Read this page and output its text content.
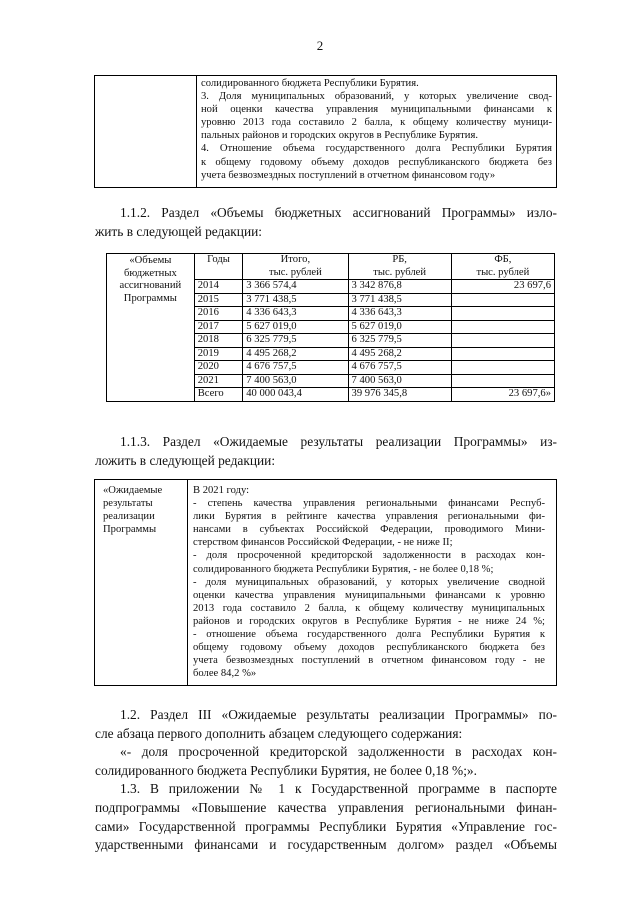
2
солидированного бюджета Республики Бурятия.
3. Доля муниципальных образований, у которых увеличение свод-
ной оценки качества управления муниципальными финансами к
уровню 2013 года составило 2 балла, к общему количеству муници-
пальных районов и городских округов в Республике Бурятия.
4. Отношение объема государственного долга Республики Бурятия
к общему годовому объему доходов республиканского бюджета без
учета безвозмездных поступлений в отчетном финансовом году»
1.1.2. Раздел «Объемы бюджетных ассигнований Программы» изло-
жить в следующей редакции:
«Объемы
бюджетных
ассигнований
Программы	Годы	Итого,	РБ,	ФБ,
		тыс. рублей	тыс. рублей	тыс. рублей
	2014	3 366 574,4	3 342 876,8	23 697,6
	2015	3 771 438,5	3 771 438,5	
	2016	4 336 643,3	4 336 643,3	
	2017	5 627 019,0	5 627 019,0	
	2018	6 325 779,5	6 325 779,5	
	2019	4 495 268,2	4 495 268,2	
	2020	4 676 757,5	4 676 757,5	
	2021	7 400 563,0	7 400 563,0	
	Всего	40 000 043,4	39 976 345,8	23 697,6»
1.1.3. Раздел «Ожидаемые результаты реализации Программы» из-
ложить в следующей редакции:
«Ожидаемые
результаты
реализации
Программы
В 2021 году:
- степень качества управления региональными финансами Респуб-
лики Бурятия в рейтинге качества управления региональными фи-
нансами в субъектах Российской Федерации, проводимого Мини-
стерством финансов Российской Федерации, - не ниже II;
- доля просроченной кредиторской задолженности в расходах кон-
солидированного бюджета Республики Бурятия, - не более 0,18 %;
- доля муниципальных образований, у которых увеличение сводной
оценки качества управления муниципальными финансами к уровню
2013 года составило 2 балла, к общему количеству муниципальных
районов и городских округов в Республике Бурятия - не ниже 24 %;
- отношение объема государственного долга Республики Бурятия к
общему годовому объему доходов республиканского бюджета без
учета безвозмездных поступлений в отчетном финансовом году - не
более 84,2 %»
1.2. Раздел III «Ожидаемые результаты реализации Программы» по-
сле абзаца первого дополнить абзацем следующего содержания:
«- доля просроченной кредиторской задолженности в расходах кон-
солидированного бюджета Республики Бурятия, не более 0,18 %;».
1.3. В приложении № 1 к Государственной программе в паспорте
подпрограммы «Повышение качества управления региональными финан-
сами» Государственной программы Республики Бурятия «Управление гос-
ударственными финансами и государственным долгом» раздел «Объемы
